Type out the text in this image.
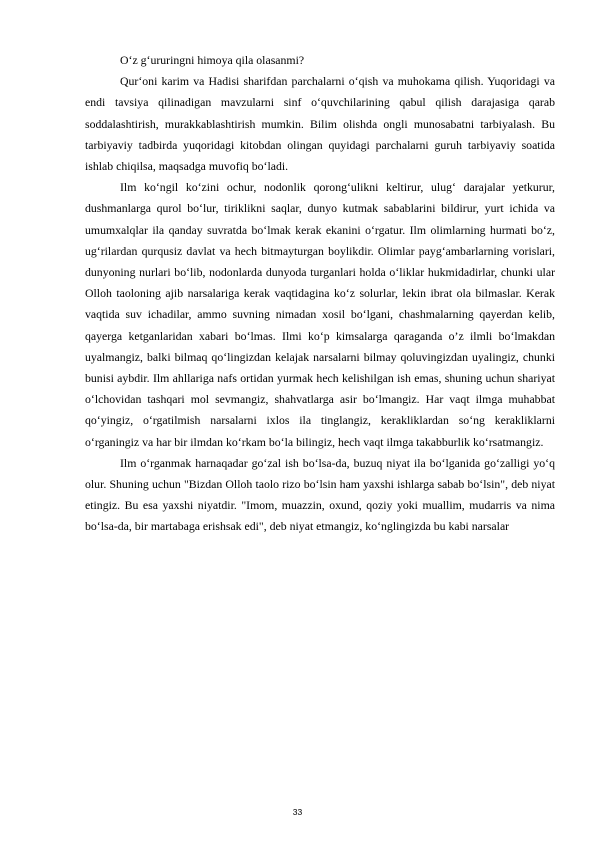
O‘z g‘ururingni himoya qila olasanmi?

Qur‘oni karim va Hadisi sharifdan parchalarni o‘qish va muhokama qilish. Yuqoridagi va endi tavsiya qilinadigan mavzularni sinf o‘quvchilarining qabul qilish darajasiga qarab soddalashtirish, murakkablashtirish mumkin. Bilim olishda ongli munosabatni tarbiyalash. Bu tarbiyaviy tadbirda yuqoridagi kitobdan olingan quyidagi parchalarni guruh tarbiyaviy soatida ishlab chiqilsa, maqsadga muvofiq bo‘ladi.

Ilm ko‘ngil ko‘zini ochur, nodonlik qorong‘ulikni keltirur, ulug‘ darajalar yetkurur, dushmanlarga qurol bo‘lur, tiriklikni saqlar, dunyo kutmak sabablarini bildirur, yurt ichida va umumxalqlar ila qanday suvratda bo‘lmak kerak ekanini o‘rgatur. Ilm olimlarning hurmati bo‘z, ug‘rilardan qurqusiz davlat va hech bitmayturgan boylikdir. Olimlar payg‘ambarlarning vorislari, dunyoning nurlari bo‘lib, nodonlarda dunyoda turganlari holda o‘liklar hukmidadirlar, chunki ular Olloh taoloning ajib narsalariga kerak vaqtidagina ko‘z solurlar, lekin ibrat ola bilmaslar. Kerak vaqtida suv ichadilar, ammo suvning nimadan xosil bo‘lgani, chashmalarning qayerdan kelib, qayerga ketganlaridan xabari bo‘lmas. Ilmi ko‘p kimsalarga qaraganda o’z ilmli bo‘lmakdan uyalmangiz, balki bilmaq qo‘lingizdan kelajak narsalarni bilmay qoluvingizdan uyalingiz, chunki bunisi aybdir. Ilm ahllariga nafs ortidan yurmak hech kelishilgan ish emas, shuning uchun shariyat o‘lchovidan tashqari mol sevmangiz, shahvatlarga asir bo‘lmangiz. Har vaqt ilmga muhabbat qo‘yingiz, o‘rgatilmish narsalarni ixlos ila tinglangiz, kerakliklardan so‘ng kerakliklarni o‘rganingiz va har bir ilmdan ko‘rkam bo‘la bilingiz, hech vaqt ilmga takabburlik ko‘rsatmangiz.

Ilm o‘rganmak harnaqadar go‘zal ish bo‘lsa-da, buzuq niyat ila bo‘lganida go‘zalligi yo‘q olur. Shuning uchun "Bizdan Olloh taolo rizo bo‘lsin ham yaxshi ishlarga sabab bo‘lsin", deb niyat etingiz. Bu esa yaxshi niyatdir. "Imom, muazzin, oxund, qoziy yoki muallim, mudarris va nima bo‘lsa-da, bir martabaga erishsak edi", deb niyat etmangiz, ko‘nglingizda bu kabi narsalar

33
